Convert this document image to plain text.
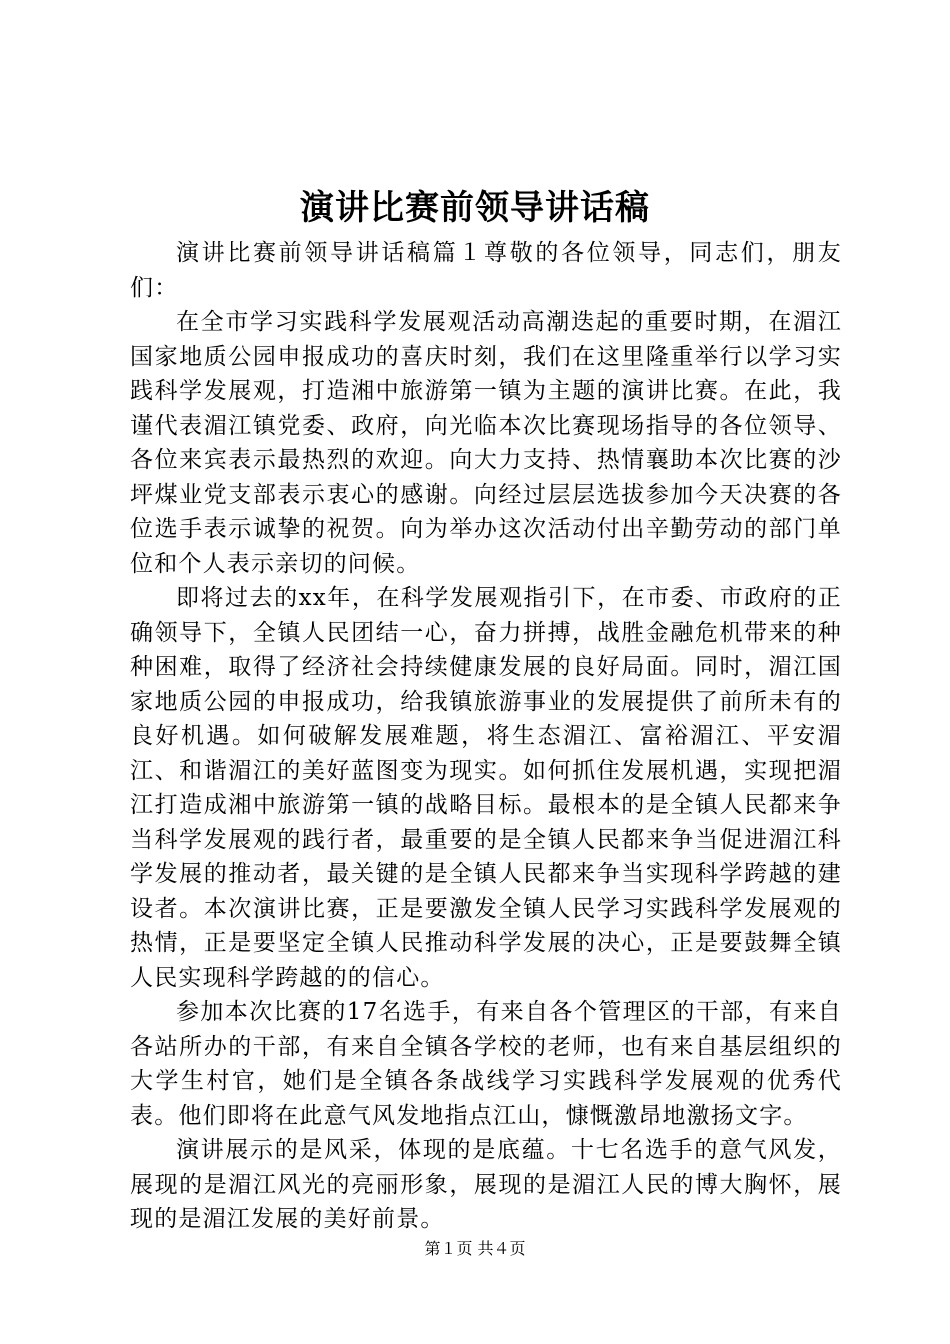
演讲比赛前领导讲话稿

演讲比赛前领导讲话稿篇１尊敬的各位领导，同志们，朋友们：

在全市学习实践科学发展观活动高潮迭起的重要时期，在湄江国家地质公园申报成功的喜庆时刻，我们在这里隆重举行以学习实践科学发展观，打造湘中旅游第一镇为主题的演讲比赛。在此，我谨代表湄江镇党委、政府，向光临本次比赛现场指导的各位领导、各位来宾表示最热烈的欢迎。向大力支持、热情襄助本次比赛的沙坪煤业党支部表示衷心的感谢。向经过层层选拔参加今天决赛的各位选手表示诚挚的祝贺。向为举办这次活动付出辛勤劳动的部门单位和个人表示亲切的问候。

即将过去的xx年，在科学发展观指引下，在市委、市政府的正确领导下，全镇人民团结一心，奋力拼搏，战胜金融危机带来的种种困难，取得了经济社会持续健康发展的良好局面。同时，湄江国家地质公园的申报成功，给我镇旅游事业的发展提供了前所未有的良好机遇。如何破解发展难题，将生态湄江、富裕湄江、平安湄江、和谐湄江的美好蓝图变为现实。如何抓住发展机遇，实现把湄江打造成湘中旅游第一镇的战略目标。最根本的是全镇人民都来争当科学发展观的践行者，最重要的是全镇人民都来争当促进湄江科学发展的推动者，最关键的是全镇人民都来争当实现科学跨越的建设者。本次演讲比赛，正是要激发全镇人民学习实践科学发展观的热情，正是要坚定全镇人民推动科学发展的决心，正是要鼓舞全镇人民实现科学跨越的的信心。

参加本次比赛的17名选手，有来自各个管理区的干部，有来自各站所办的干部，有来自全镇各学校的老师，也有来自基层组织的大学生村官，她们是全镇各条战线学习实践科学发展观的优秀代表。他们即将在此意气风发地指点江山，慷慨激昂地激扬文字。

演讲展示的是风采，体现的是底蕴。十七名选手的意气风发，展现的是湄江风光的亮丽形象，展现的是湄江人民的博大胸怀，展现的是湄江发展的美好前景。

第１页 共４页
